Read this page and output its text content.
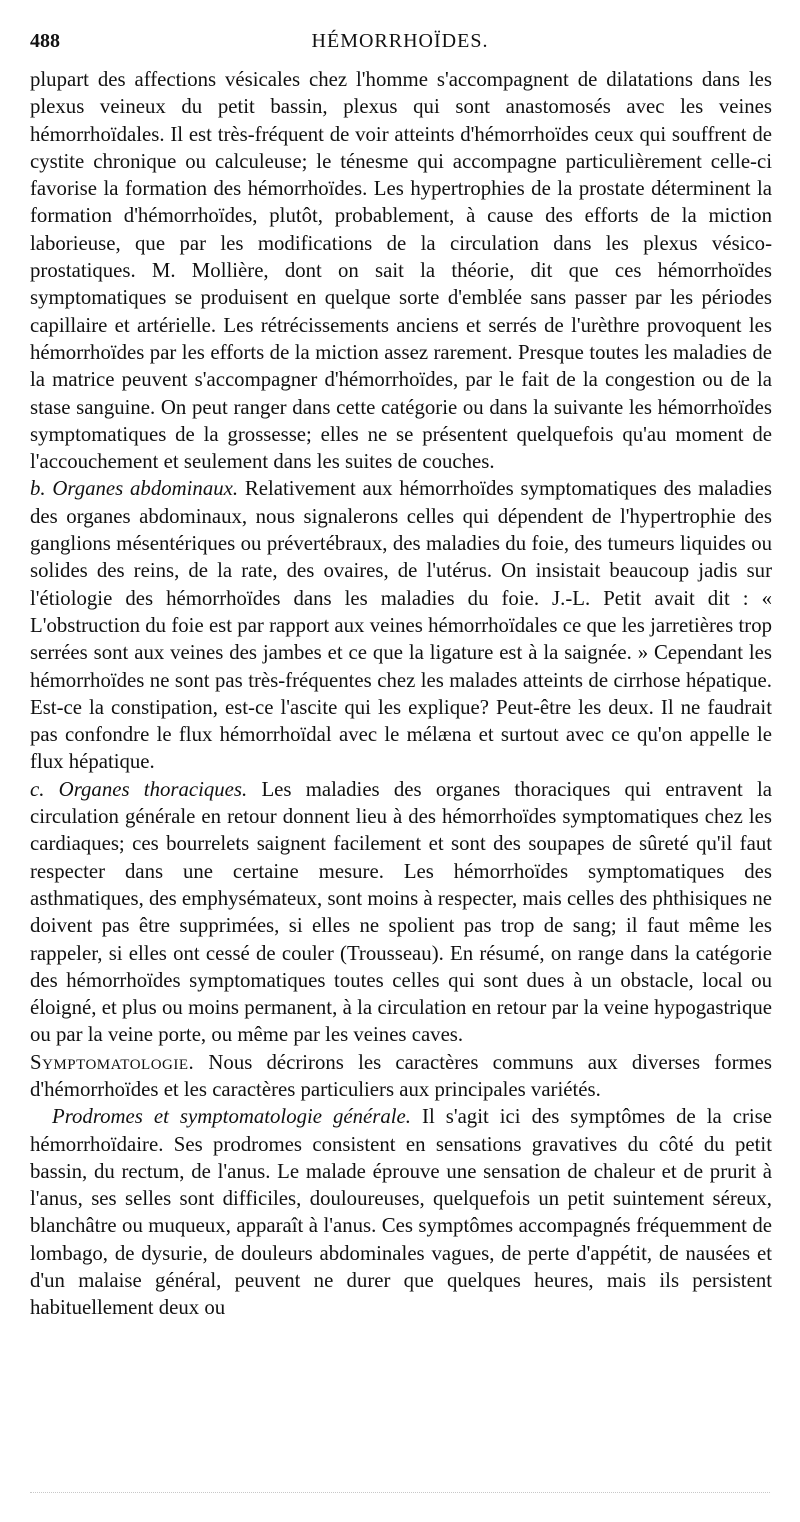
488	HÉMORRHOÏDES.

plupart des affections vésicales chez l'homme s'accompagnent de dilatations dans les plexus veineux du petit bassin, plexus qui sont anastomosés avec les veines hémorrhoïdales. Il est très-fréquent de voir atteints d'hémorrhoïdes ceux qui souffrent de cystite chronique ou calculeuse; le ténesme qui accompagne particulièrement celle-ci favorise la formation des hémorrhoïdes. Les hypertrophies de la prostate déterminent la formation d'hémorrhoïdes, plutôt, probablement, à cause des efforts de la miction laborieuse, que par les modifications de la circulation dans les plexus vésico-prostatiques. M. Mollière, dont on sait la théorie, dit que ces hémorrhoïdes symptomatiques se produisent en quelque sorte d'emblée sans passer par les périodes capillaire et artérielle. Les rétrécissements anciens et serrés de l'urèthre provoquent les hémorrhoïdes par les efforts de la miction assez rarement. Presque toutes les maladies de la matrice peuvent s'accompagner d'hémorrhoïdes, par le fait de la congestion ou de la stase sanguine. On peut ranger dans cette catégorie ou dans la suivante les hémorrhoïdes symptomatiques de la grossesse; elles ne se présentent quelquefois qu'au moment de l'accouchement et seulement dans les suites de couches.

b. Organes abdominaux. Relativement aux hémorrhoïdes symptomatiques des maladies des organes abdominaux, nous signalerons celles qui dépendent de l'hypertrophie des ganglions mésentériques ou prévertébraux, des maladies du foie, des tumeurs liquides ou solides des reins, de la rate, des ovaires, de l'utérus. On insistait beaucoup jadis sur l'étiologie des hémorrhoïdes dans les maladies du foie. J.-L. Petit avait dit : « L'obstruction du foie est par rapport aux veines hémorrhoïdales ce que les jarretières trop serrées sont aux veines des jambes et ce que la ligature est à la saignée. » Cependant les hémorrhoïdes ne sont pas très-fréquentes chez les malades atteints de cirrhose hépatique. Est-ce la constipation, est-ce l'ascite qui les explique? Peut-être les deux. Il ne faudrait pas confondre le flux hémorrhoïdal avec le mélæna et surtout avec ce qu'on appelle le flux hépatique.

c. Organes thoraciques. Les maladies des organes thoraciques qui entravent la circulation générale en retour donnent lieu à des hémorrhoïdes symptomatiques chez les cardiaques; ces bourrelets saignent facilement et sont des soupapes de sûreté qu'il faut respecter dans une certaine mesure. Les hémorrhoïdes symptomatiques des asthmatiques, des emphysémateux, sont moins à respecter, mais celles des phthisiques ne doivent pas être supprimées, si elles ne spolient pas trop de sang; il faut même les rappeler, si elles ont cessé de couler (Trousseau). En résumé, on range dans la catégorie des hémorrhoïdes symptomatiques toutes celles qui sont dues à un obstacle, local ou éloigné, et plus ou moins permanent, à la circulation en retour par la veine hypogastrique ou par la veine porte, ou même par les veines caves.

Symptomatologie. Nous décrirons les caractères communs aux diverses formes d'hémorrhoïdes et les caractères particuliers aux principales variétés.

Prodromes et symptomatologie générale. Il s'agit ici des symptômes de la crise hémorrhoïdaire. Ses prodromes consistent en sensations gravatives du côté du petit bassin, du rectum, de l'anus. Le malade éprouve une sensation de chaleur et de prurit à l'anus, ses selles sont difficiles, douloureuses, quelquefois un petit suintement séreux, blanchâtre ou muqueux, apparaît à l'anus. Ces symptômes accompagnés fréquemment de lombago, de dysurie, de douleurs abdominales vagues, de perte d'appétit, de nausées et d'un malaise général, peuvent ne durer que quelques heures, mais ils persistent habituellement deux ou
